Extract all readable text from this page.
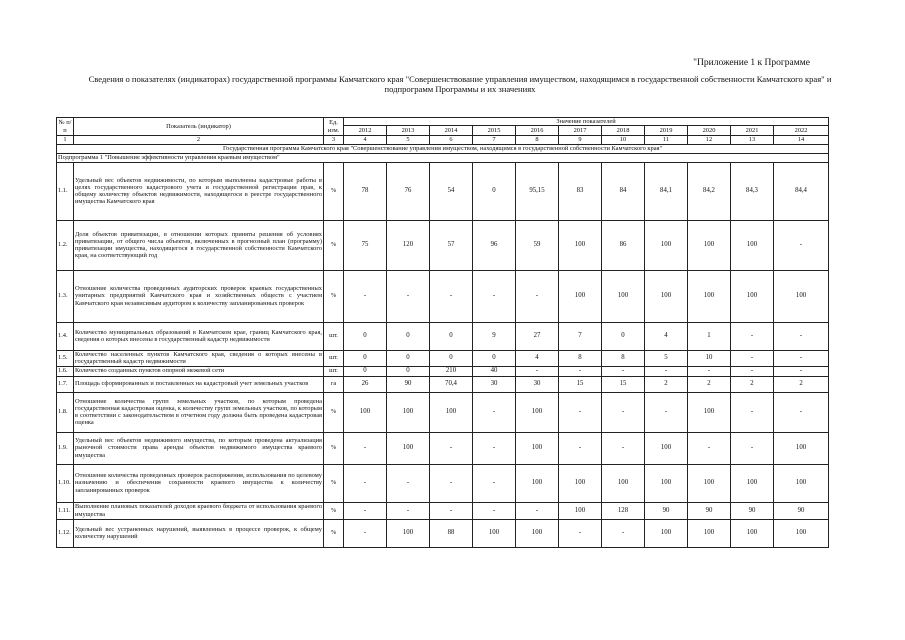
"Приложение 1 к Программе
Сведения о показателях (индикаторах) государственной программы Камчатского края "Совершенствование управления имуществом, находящимся в государственной собственности Камчатского края" и подпрограмм Программы и их значениях
№ п/п	Показатель (индикатор)	Ед. изм.	Значение показателей										
			2012	2013	2014	2015	2016	2017	2018	2019	2020	2021	2022
1	2	3	4	5	6	7	8	9	10	11	12	13	14
Государственная программа Камчатского края "Совершенствование управления имуществом, находящимся в государственной собственности Камчатского края"													
Подпрограмма 1 "Повышение эффективности управления краевым имуществом"													
1.1.	Удельный вес объектов недвижимости, по которым выполнены кадастровые работы в целях государственного кадастрового учета и государственной регистрации прав, к общему количеству объектов недвижимости, находящегося в реестре государственного имущества Камчатского края	%	78	76	54	0	95,15	83	84	84,1	84,2	84,3	84,4
1.2.	Доля объектов приватизации, в отношении которых приняты решения об условиях приватизации, от общего числа объектов, включенных в прогнозный план (программу) приватизации имущества, находящегося в государственной собственности Камчатского края, на соответствующий год	%	75	120	57	96	59	100	86	100	100	100	-
1.3.	Отношение количества проведенных аудиторских проверок краевых государственных унитарных предприятий Камчатского края и хозяйственных обществ с участием Камчатского края независимым аудитором к количеству запланированных проверок	%	-	-	-	-	-	100	100	100	100	100	100
1.4.	Количество муниципальных образований в Камчатском крае, границ Камчатского края, сведения о которых внесены в государственный кадастр недвижимости	шт.	0	0	0	9	27	7	0	4	1	-	-
1.5.	Количество населенных пунктов Камчатского края, сведения о которых внесены в государственный кадастр недвижимости	шт.	0	0	0	0	4	8	8	5	10	-	-
1.6.	Количество созданных пунктов опорной межевой сети	шт.	0	0	210	40	-	-	-	-	-	-	-
1.7.	Площадь сформированных и поставленных на кадастровый учет земельных участков	га	26	90	70,4	30	30	15	15	2	2	2	2
1.8.	Отношение количества групп земельных участков, по которым проведена государственная кадастровая оценка, к количеству групп земельных участков, по которым в соответствии с законодательством в отчетном году должна быть проведена кадастровая оценка	%	100	100	100	-	100	-	-	-	100	-	-
1.9.	Удельный вес объектов недвижимого имущества, по которым проведена актуализация рыночной стоимости права аренды объектов недвижимого имущества краевого имущества	%	-	100	-	-	100	-	-	100	-	-	100
1.10.	Отношение количества проведенных проверок распоряжения, использования по целевому назначению и обеспечения сохранности краевого имущества к количеству запланированных проверок	%	-	-	-	-	100	100	100	100	100	100	100
1.11.	Выполнение плановых показателей доходов краевого бюджета от использования краевого имущества	%	-	-	-	-	-	100	128	90	90	90	90
1.12.	Удельный вес устраненных нарушений, выявленных в процессе проверок, к общему количеству нарушений	%	-	100	88	100	100	-	-	100	100	100	100
